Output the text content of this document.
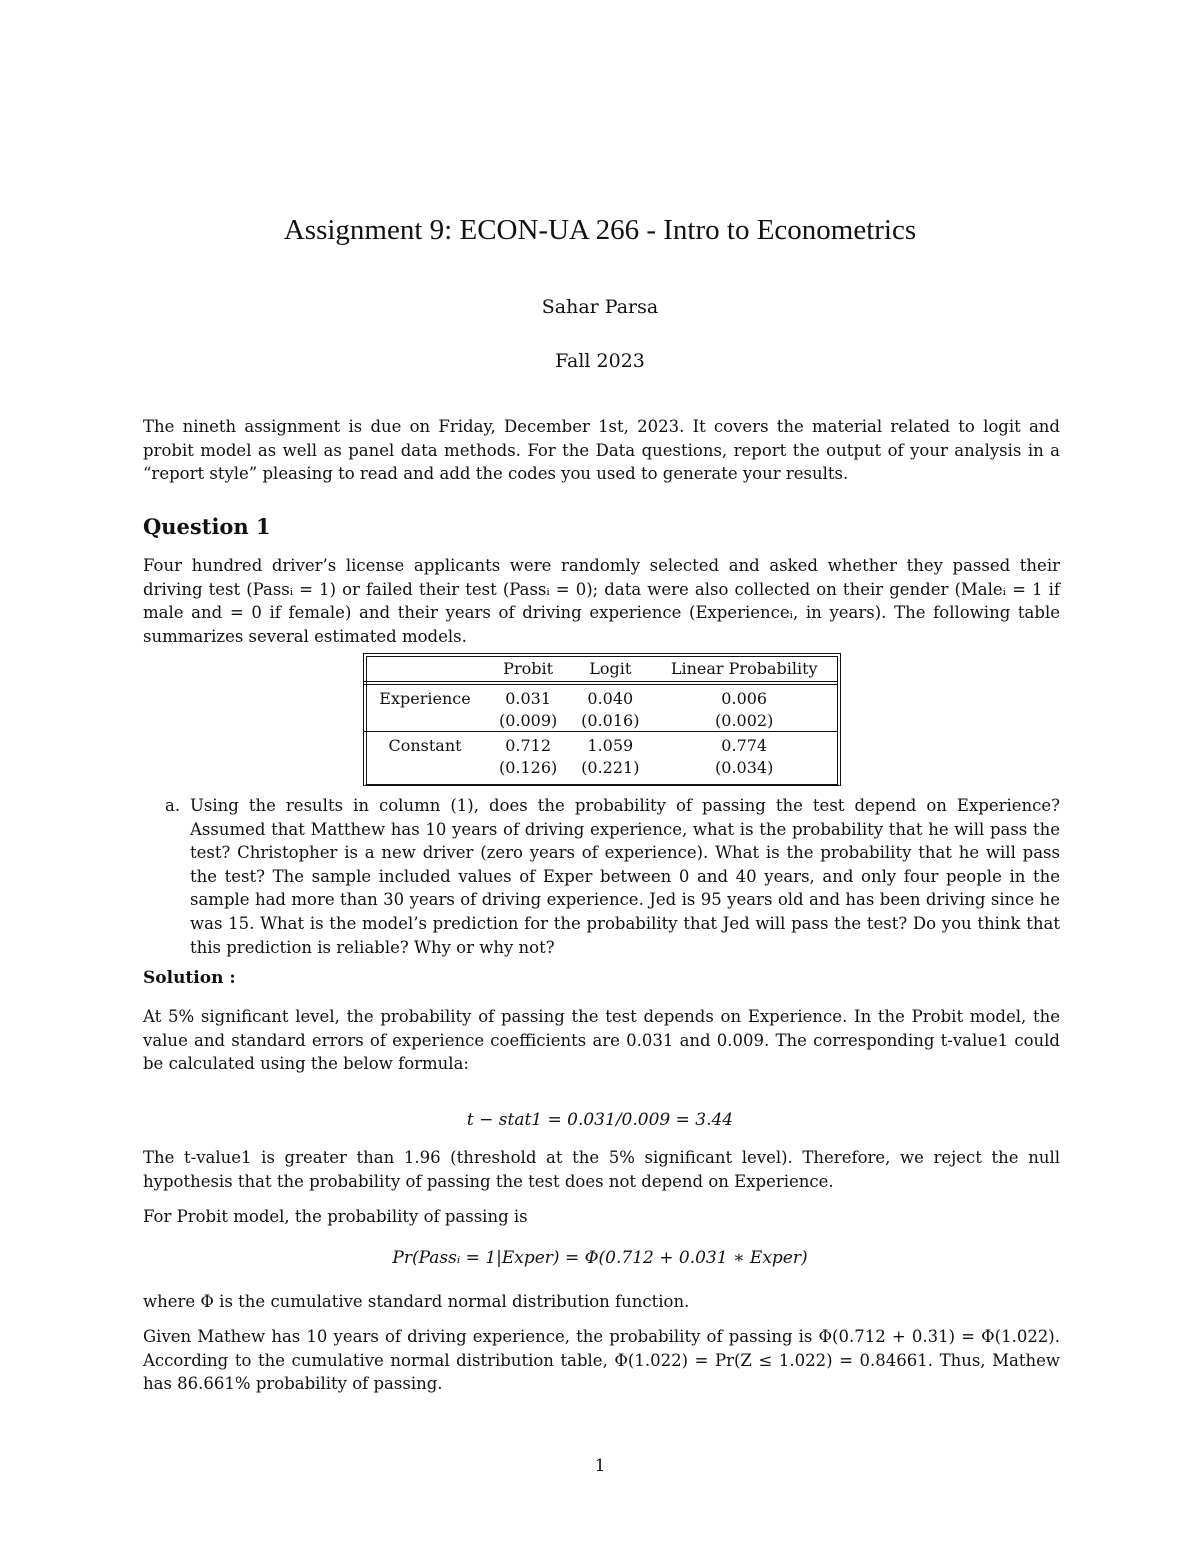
Assignment 9: ECON-UA 266 - Intro to Econometrics
Sahar Parsa
Fall 2023
The nineth assignment is due on Friday, December 1st, 2023. It covers the material related to logit and probit model as well as panel data methods. For the Data questions, report the output of your analysis in a “report style” pleasing to read and add the codes you used to generate your results.
Question 1
Four hundred driver’s license applicants were randomly selected and asked whether they passed their driving test (Passᵢ = 1) or failed their test (Passᵢ = 0); data were also collected on their gender (Maleᵢ = 1 if male and = 0 if female) and their years of driving experience (Experienceᵢ, in years). The following table summarizes several estimated models.
	Probit	Logit	Linear Probability
Experience	0.031	0.040	0.006
	(0.009)	(0.016)	(0.002)
Constant	0.712	1.059	0.774
	(0.126)	(0.221)	(0.034)
a. Using the results in column (1), does the probability of passing the test depend on Experience? Assumed that Matthew has 10 years of driving experience, what is the probability that he will pass the test? Christopher is a new driver (zero years of experience). What is the probability that he will pass the test? The sample included values of Exper between 0 and 40 years, and only four people in the sample had more than 30 years of driving experience. Jed is 95 years old and has been driving since he was 15. What is the model’s prediction for the probability that Jed will pass the test? Do you think that this prediction is reliable? Why or why not?
Solution :
At 5% significant level, the probability of passing the test depends on Experience. In the Probit model, the value and standard errors of experience coefficients are 0.031 and 0.009. The corresponding t-value1 could be calculated using the below formula:
t − stat1 = 0.031/0.009 = 3.44
The t-value1 is greater than 1.96 (threshold at the 5% significant level). Therefore, we reject the null hypothesis that the probability of passing the test does not depend on Experience.
For Probit model, the probability of passing is
Pr(Passᵢ = 1|Exper) = Φ(0.712 + 0.031 ∗ Exper)
where Φ is the cumulative standard normal distribution function.
Given Mathew has 10 years of driving experience, the probability of passing is Φ(0.712 + 0.31) = Φ(1.022). According to the cumulative normal distribution table, Φ(1.022) = Pr(Z ≤ 1.022) = 0.84661. Thus, Mathew has 86.661% probability of passing.
1
